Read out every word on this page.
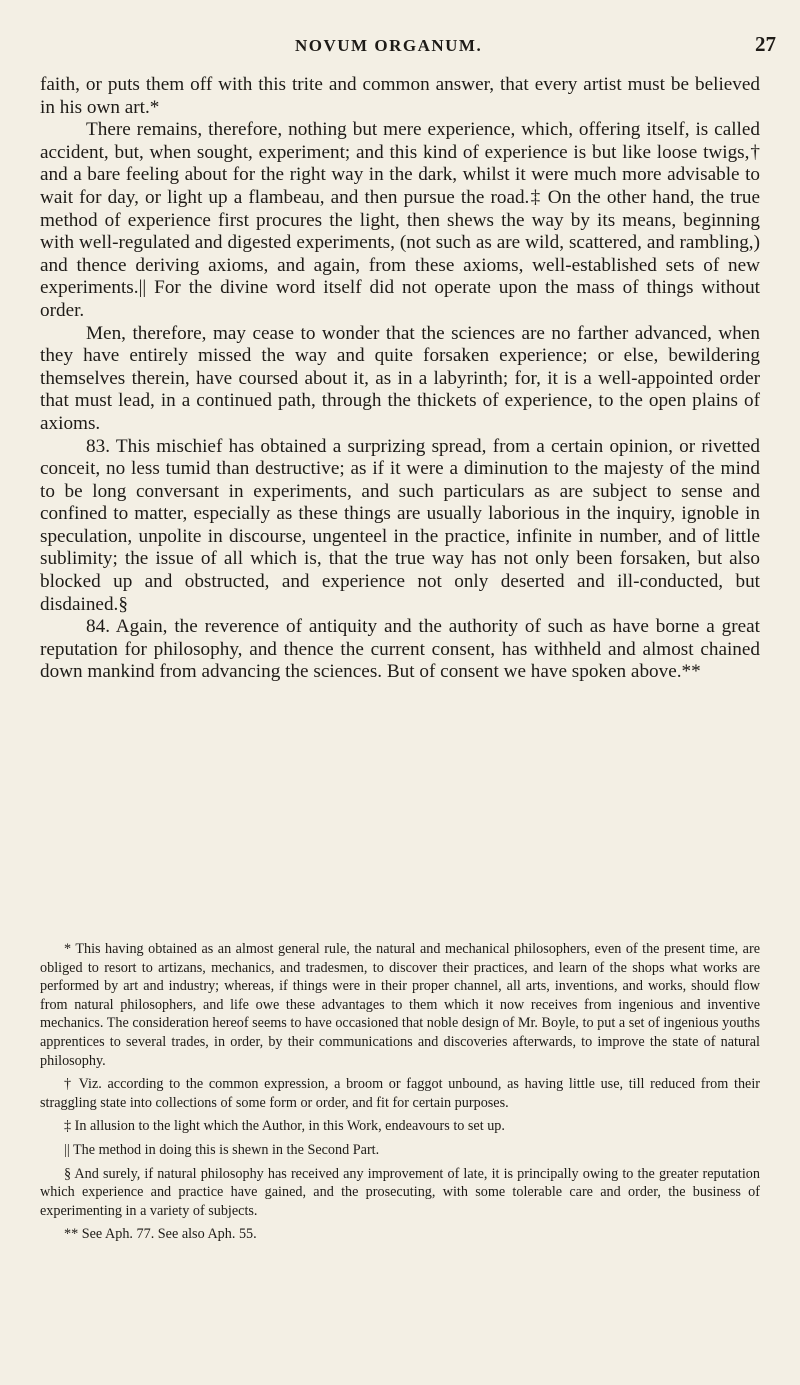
NOVUM ORGANUM.	27

faith, or puts them off with this trite and common answer, that every artist must be believed in his own art.*

There remains, therefore, nothing but mere experience, which, offering itself, is called accident, but, when sought, experiment; and this kind of experience is but like loose twigs,† and a bare feeling about for the right way in the dark, whilst it were much more advisable to wait for day, or light up a flambeau, and then pursue the road.‡ On the other hand, the true method of experience first procures the light, then shews the way by its means, beginning with well-regulated and digested experiments, (not such as are wild, scattered, and rambling,) and thence deriving axioms, and again, from these axioms, well-established sets of new experiments.|| For the divine word itself did not operate upon the mass of things without order.

Men, therefore, may cease to wonder that the sciences are no farther advanced, when they have entirely missed the way and quite forsaken experience; or else, bewildering themselves therein, have coursed about it, as in a labyrinth; for, it is a well-appointed order that must lead, in a continued path, through the thickets of experience, to the open plains of axioms.

83. This mischief has obtained a surprizing spread, from a certain opinion, or rivetted conceit, no less tumid than destructive; as if it were a diminution to the majesty of the mind to be long conversant in experiments, and such particulars as are subject to sense and confined to matter, especially as these things are usually laborious in the inquiry, ignoble in speculation, unpolite in discourse, ungenteel in the practice, infinite in number, and of little sublimity; the issue of all which is, that the true way has not only been forsaken, but also blocked up and obstructed, and experience not only deserted and ill-conducted, but disdained.§

84. Again, the reverence of antiquity and the authority of such as have borne a great reputation for philosophy, and thence the current consent, has withheld and almost chained down mankind from advancing the sciences. But of consent we have spoken above.**

* This having obtained as an almost general rule, the natural and mechanical philosophers, even of the present time, are obliged to resort to artizans, mechanics, and tradesmen, to discover their practices, and learn of the shops what works are performed by art and industry; whereas, if things were in their proper channel, all arts, inventions, and works, should flow from natural philosophers, and life owe these advantages to them which it now receives from ingenious and inventive mechanics. The consideration hereof seems to have occasioned that noble design of Mr. Boyle, to put a set of ingenious youths apprentices to several trades, in order, by their communications and discoveries afterwards, to improve the state of natural philosophy.

† Viz. according to the common expression, a broom or faggot unbound, as having little use, till reduced from their straggling state into collections of some form or order, and fit for certain purposes.

‡ In allusion to the light which the Author, in this Work, endeavours to set up.

|| The method in doing this is shewn in the Second Part.

§ And surely, if natural philosophy has received any improvement of late, it is principally owing to the greater reputation which experience and practice have gained, and the prosecuting, with some tolerable care and order, the business of experimenting in a variety of subjects.

** See Aph. 77. See also Aph. 55.
